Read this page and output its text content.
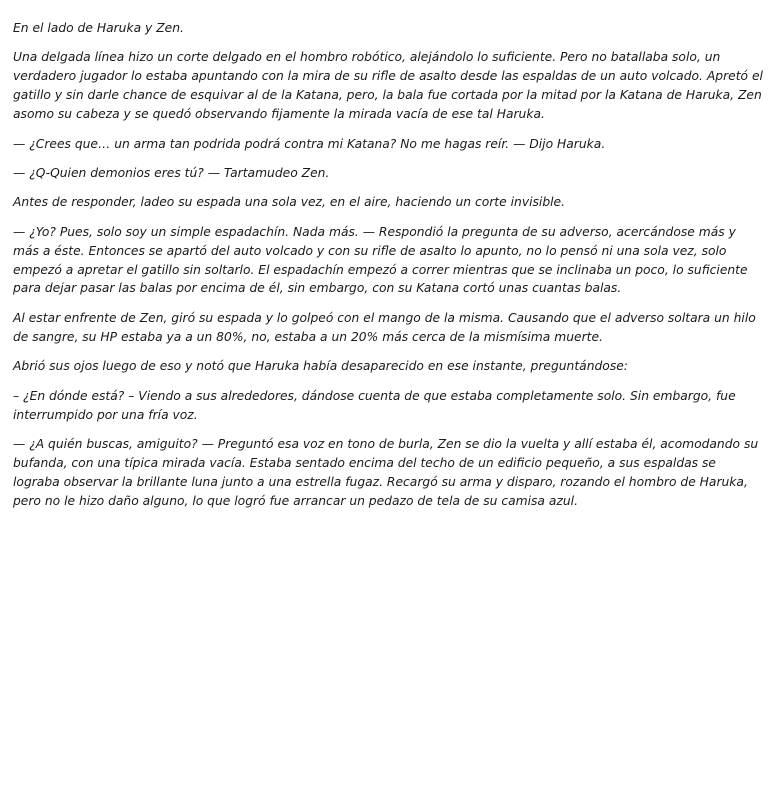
En el lado de Haruka y Zen.

Una delgada línea hizo un corte delgado en el hombro robótico, alejándolo lo suficiente. Pero no batallaba solo, un verdadero jugador lo estaba apuntando con la mira de su rifle de asalto desde las espaldas de un auto volcado. Apretó el gatillo y sin darle chance de esquivar al de la Katana, pero, la bala fue cortada por la mitad por la Katana de Haruka, Zen asomo su cabeza y se quedó observando fijamente la mirada vacía de ese tal Haruka.

— ¿Crees que… un arma tan podrida podrá contra mi Katana? No me hagas reír. — Dijo Haruka.

— ¿Q-Quien demonios eres tú? — Tartamudeo Zen.

Antes de responder, ladeo su espada una sola vez, en el aire, haciendo un corte invisible.

— ¿Yo? Pues, solo soy un simple espadachín. Nada más. — Respondió la pregunta de su adverso, acercándose más y más a éste. Entonces se apartó del auto volcado y con su rifle de asalto lo apunto, no lo pensó ni una sola vez, solo empezó a apretar el gatillo sin soltarlo. El espadachín empezó a correr mientras que se inclinaba un poco, lo suficiente para dejar pasar las balas por encima de él, sin embargo, con su Katana cortó unas cuantas balas.

Al estar enfrente de Zen, giró su espada y lo golpeó con el mango de la misma. Causando que el adverso soltara un hilo de sangre, su HP estaba ya a un 80%, no, estaba a un 20% más cerca de la mismísima muerte.

Abrió sus ojos luego de eso y notó que Haruka había desaparecido en ese instante, preguntándose:

– ¿En dónde está? – Viendo a sus alrededores, dándose cuenta de que estaba completamente solo. Sin embargo, fue interrumpido por una fría voz.

— ¿A quién buscas, amiguito? — Preguntó esa voz en tono de burla, Zen se dio la vuelta y allí estaba él, acomodando su bufanda, con una típica mirada vacía. Estaba sentado encima del techo de un edificio pequeño, a sus espaldas se lograba observar la brillante luna junto a una estrella fugaz. Recargó su arma y disparo, rozando el hombro de Haruka, pero no le hizo daño alguno, lo que logró fue arrancar un pedazo de tela de su camisa azul.
